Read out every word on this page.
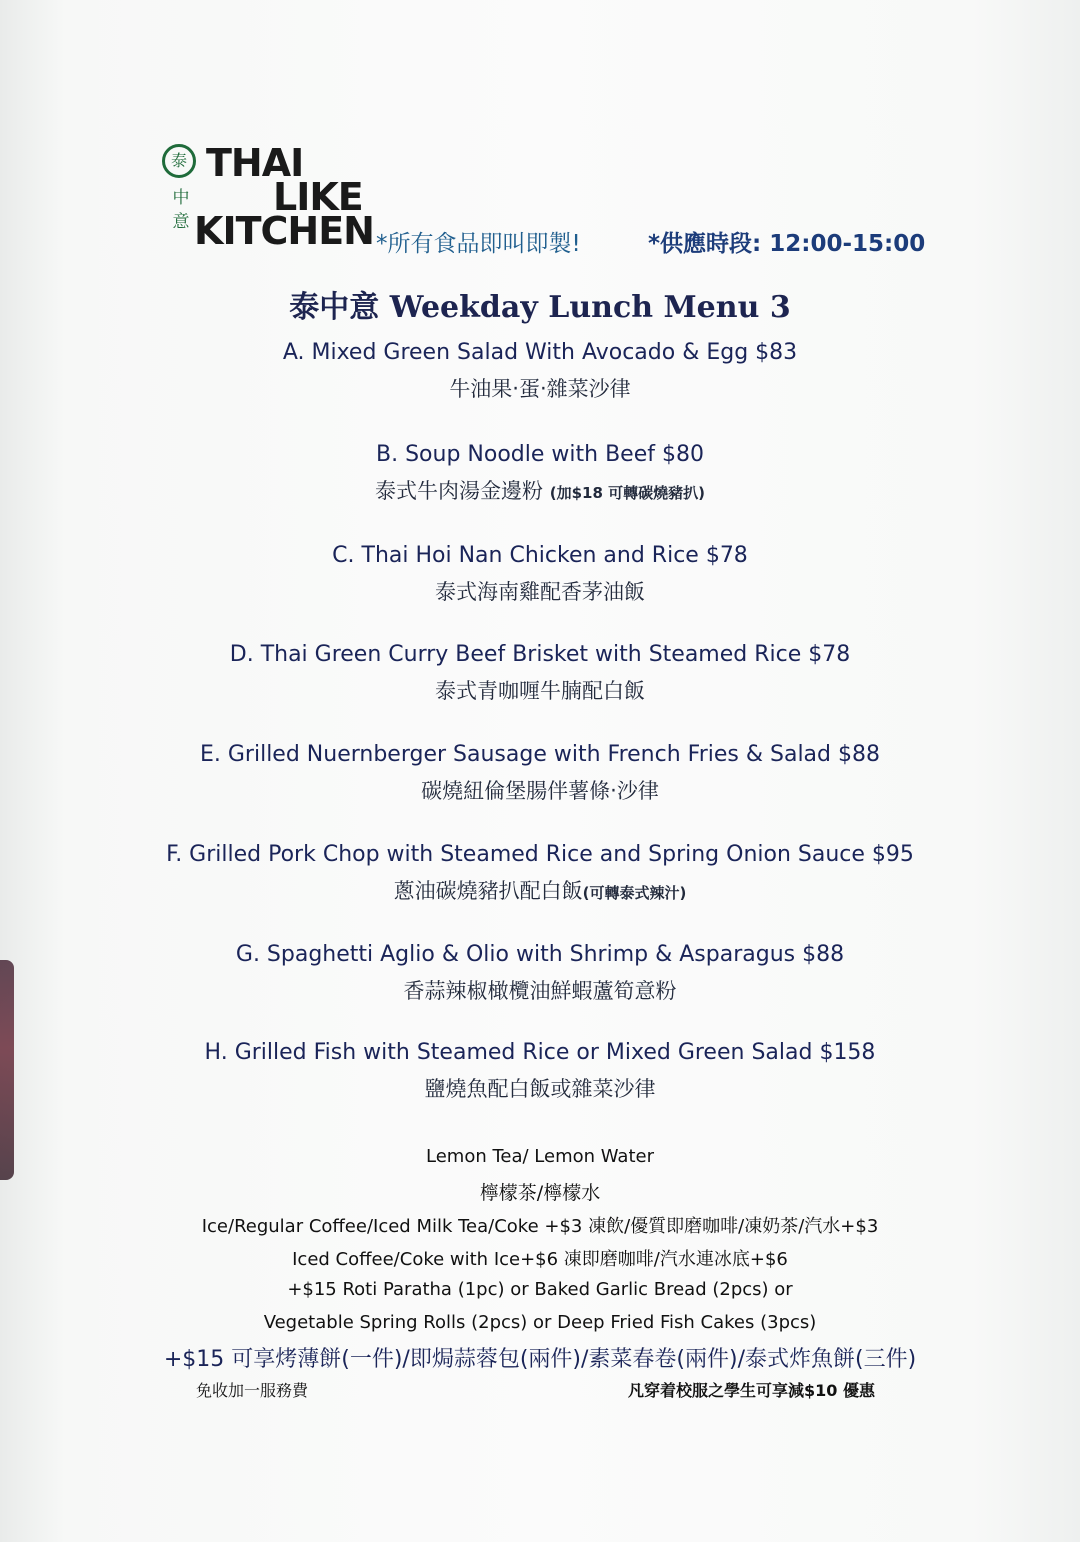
泰
中
意
THAI
LIKE
KITCHEN *所有食品即叫即製!	*供應時段: 12:00-15:00
泰中意 Weekday Lunch Menu 3
A. Mixed Green Salad With Avocado & Egg $83
牛油果‧蛋‧雜菜沙律
B. Soup Noodle with Beef $80
泰式牛肉湯金邊粉 (加$18 可轉碳燒豬扒)
C. Thai Hoi Nan Chicken and Rice $78
泰式海南雞配香茅油飯
D. Thai Green Curry Beef Brisket with Steamed Rice $78
泰式青咖喱牛腩配白飯
E. Grilled Nuernberger Sausage with French Fries & Salad $88
碳燒紐倫堡腸伴薯條‧沙律
F. Grilled Pork Chop with Steamed Rice and Spring Onion Sauce $95
蔥油碳燒豬扒配白飯(可轉泰式辣汁)
G. Spaghetti Aglio & Olio with Shrimp & Asparagus $88
香蒜辣椒橄欖油鮮蝦蘆筍意粉
H. Grilled Fish with Steamed Rice or Mixed Green Salad $158
鹽燒魚配白飯或雜菜沙律
Lemon Tea/ Lemon Water
檸檬茶/檸檬水
Ice/Regular Coffee/Iced Milk Tea/Coke +$3 凍飲/優質即磨咖啡/凍奶茶/汽水+$3
Iced Coffee/Coke with Ice+$6 凍即磨咖啡/汽水連冰底+$6
+$15 Roti Paratha (1pc) or Baked Garlic Bread (2pcs) or
Vegetable Spring Rolls (2pcs) or Deep Fried Fish Cakes (3pcs)
+$15 可享烤薄餅(一件)/即焗蒜蓉包(兩件)/素菜春卷(兩件)/泰式炸魚餅(三件)
免收加一服務費	凡穿着校服之學生可享減$10 優惠
